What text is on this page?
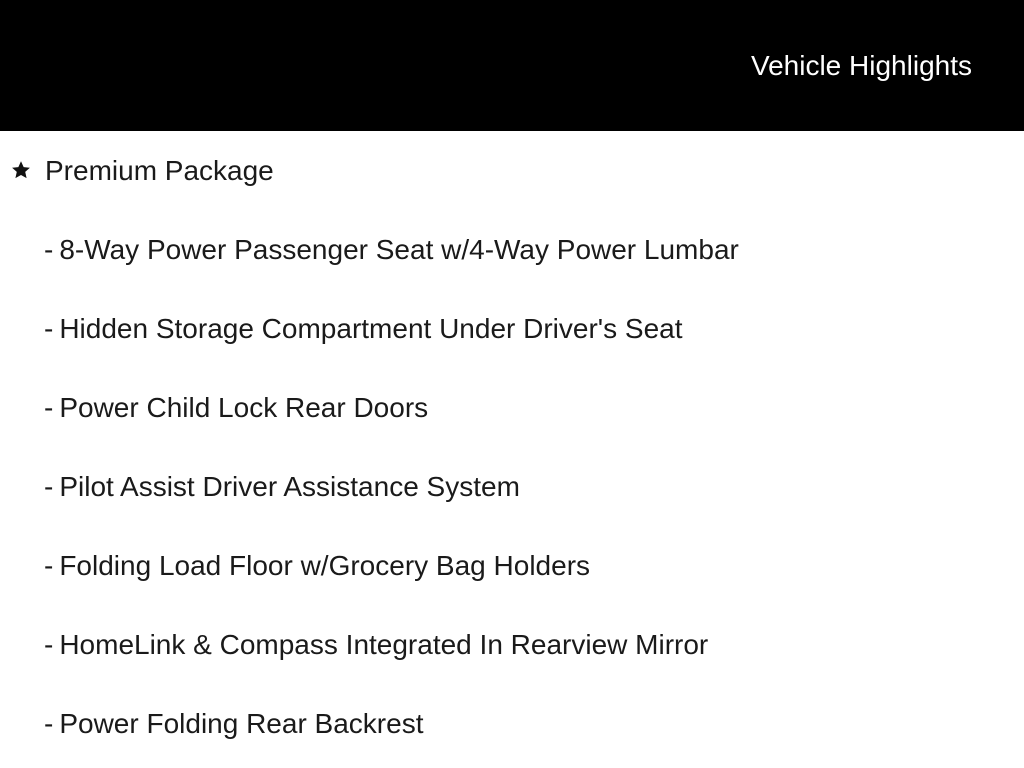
Vehicle Highlights
Premium Package
- 8-Way Power Passenger Seat w/4-Way Power Lumbar
- Hidden Storage Compartment Under Driver's Seat
- Power Child Lock Rear Doors
- Pilot Assist Driver Assistance System
- Folding Load Floor w/Grocery Bag Holders
- HomeLink & Compass Integrated In Rearview Mirror
- Power Folding Rear Backrest
